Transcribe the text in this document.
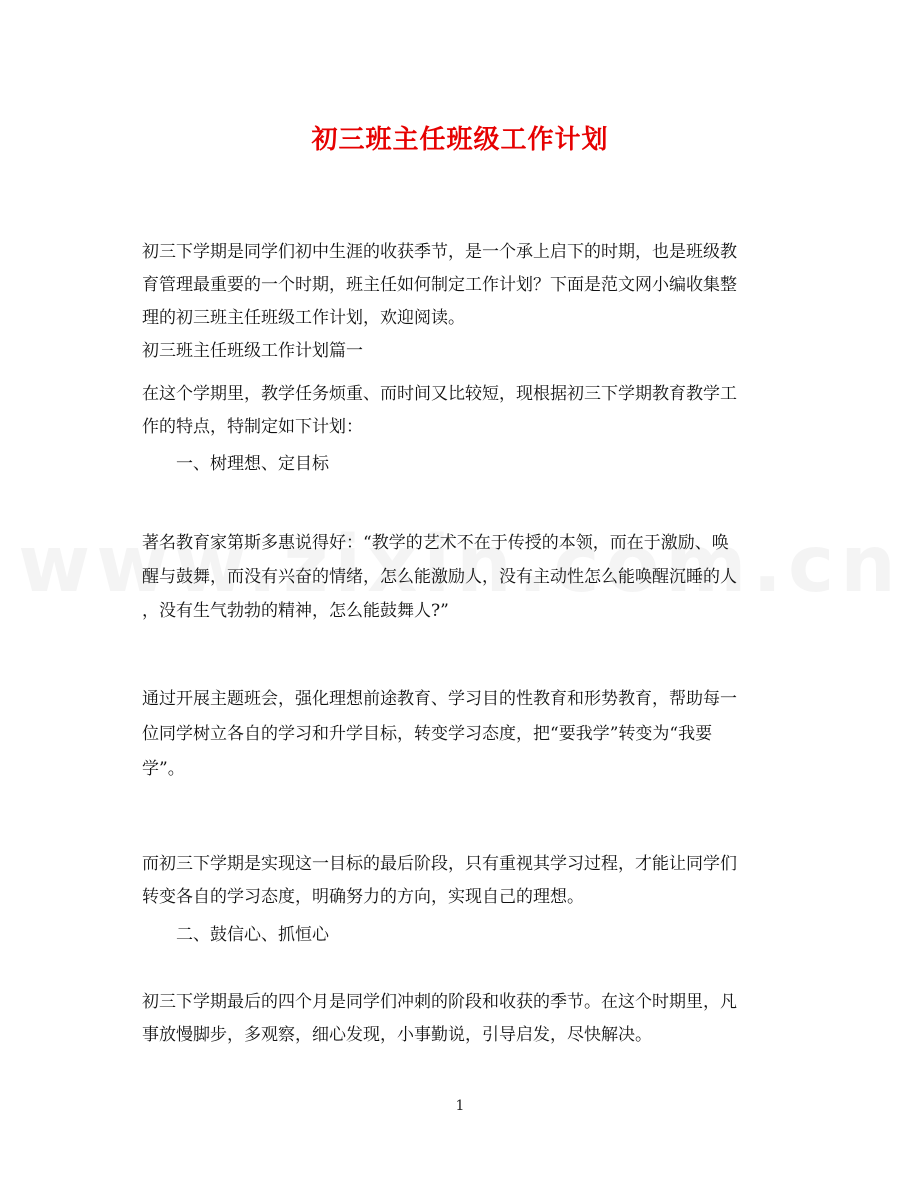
初三班主任班级工作计划

初三下学期是同学们初中生涯的收获季节，是一个承上启下的时期，也是班级教

育管理最重要的一个时期，班主任如何制定工作计划？下面是范文网小编收集整

理的初三班主任班级工作计划，欢迎阅读。

初三班主任班级工作计划篇一

在这个学期里，教学任务烦重、而时间又比较短，现根据初三下学期教育教学工

作的特点，特制定如下计划：

一、树理想、定目标

著名教育家第斯多惠说得好：“教学的艺术不在于传授的本领，而在于激励、唤

醒与鼓舞，而没有兴奋的情绪，怎么能激励人，没有主动性怎么能唤醒沉睡的人

，没有生气勃勃的精神，怎么能鼓舞人?”

通过开展主题班会，强化理想前途教育、学习目的性教育和形势教育，帮助每一

位同学树立各自的学习和升学目标，转变学习态度，把“要我学”转变为“我要

学”。

而初三下学期是实现这一目标的最后阶段，只有重视其学习过程，才能让同学们

转变各自的学习态度，明确努力的方向，实现自己的理想。

二、鼓信心、抓恒心

初三下学期最后的四个月是同学们冲刺的阶段和收获的季节。在这个时期里，凡

事放慢脚步，多观察，细心发现，小事勤说，引导启发，尽快解决。

1
